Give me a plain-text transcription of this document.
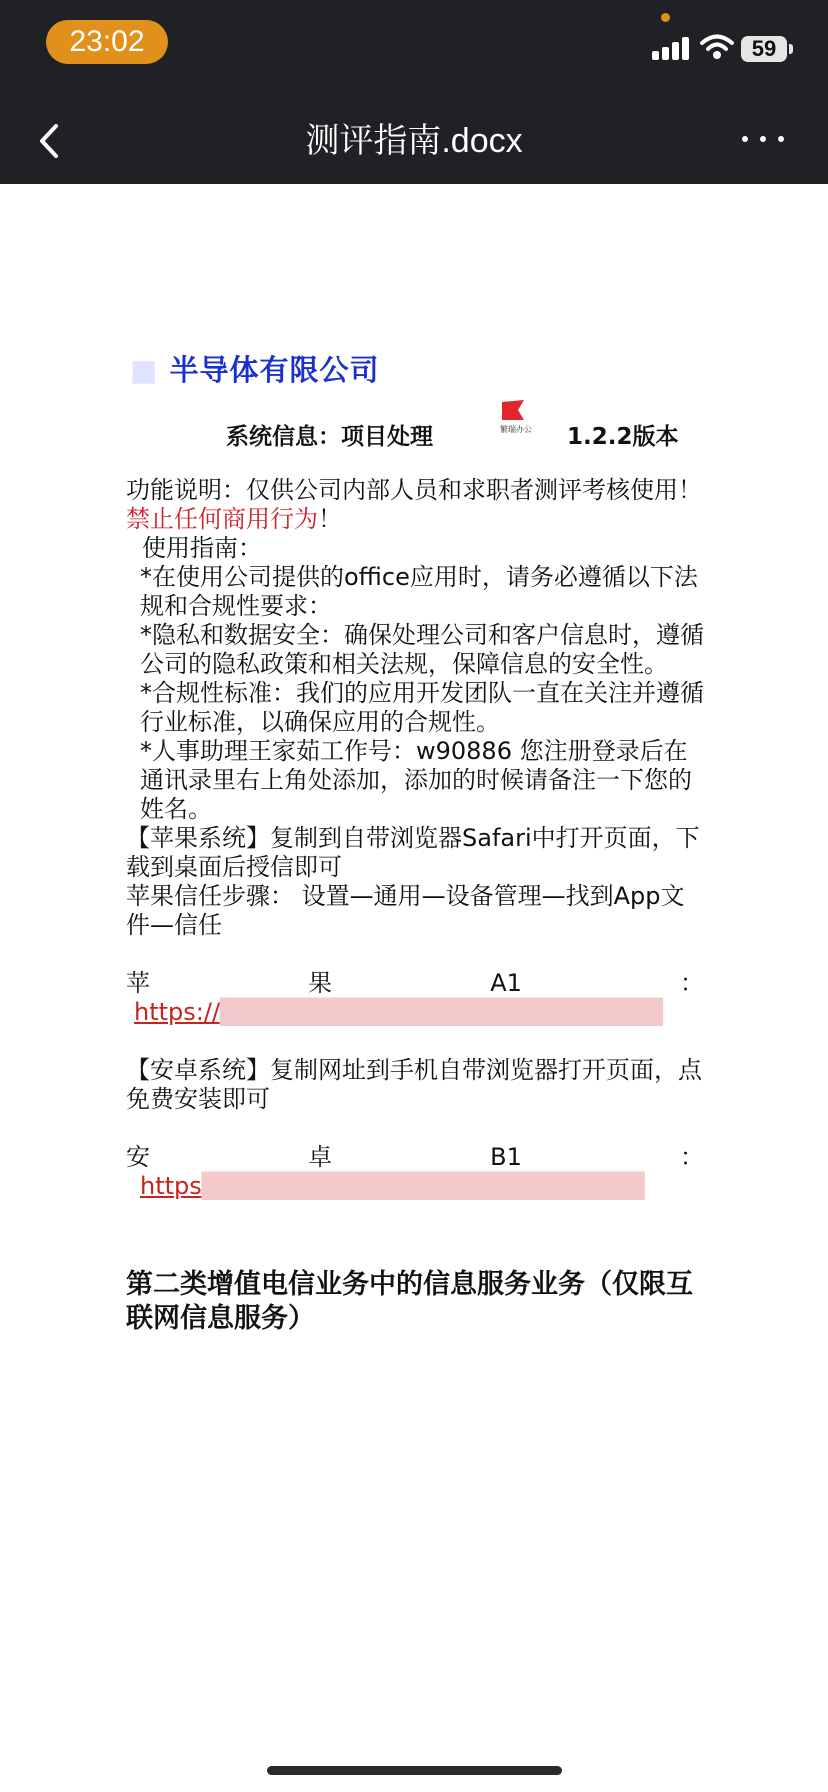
23:02	59
测评指南.docx
■ 半导体有限公司
系统信息：项目处理	繁瑞办公 1.2.2版本

功能说明：仅供公司内部人员和求职者测评考核使用！禁止任何商用行为！

使用指南：

*在使用公司提供的office应用时，请务必遵循以下法规和合规性要求：

*隐私和数据安全：确保处理公司和客户信息时，遵循公司的隐私政策和相关法规，保障信息的安全性。

*合规性标准：我们的应用开发团队一直在关注并遵循行业标准，以确保应用的合规性。

*人事助理王家茹工作号：w90886 您注册登录后在通讯录里右上角处添加，添加的时候请备注一下您的姓名。

【苹果系统】复制到自带浏览器Safari中打开页面，下载到桌面后授信即可

苹果信任步骤： 设置—通用—设备管理—找到App文件—信任

苹	果	A1	：

https://████████████████████████

【安卓系统】复制网址到手机自带浏览器打开页面，点免费安装即可

安	卓	B1	：

https████████████████████████

第二类增值电信业务中的信息服务业务（仅限互联网信息服务）
